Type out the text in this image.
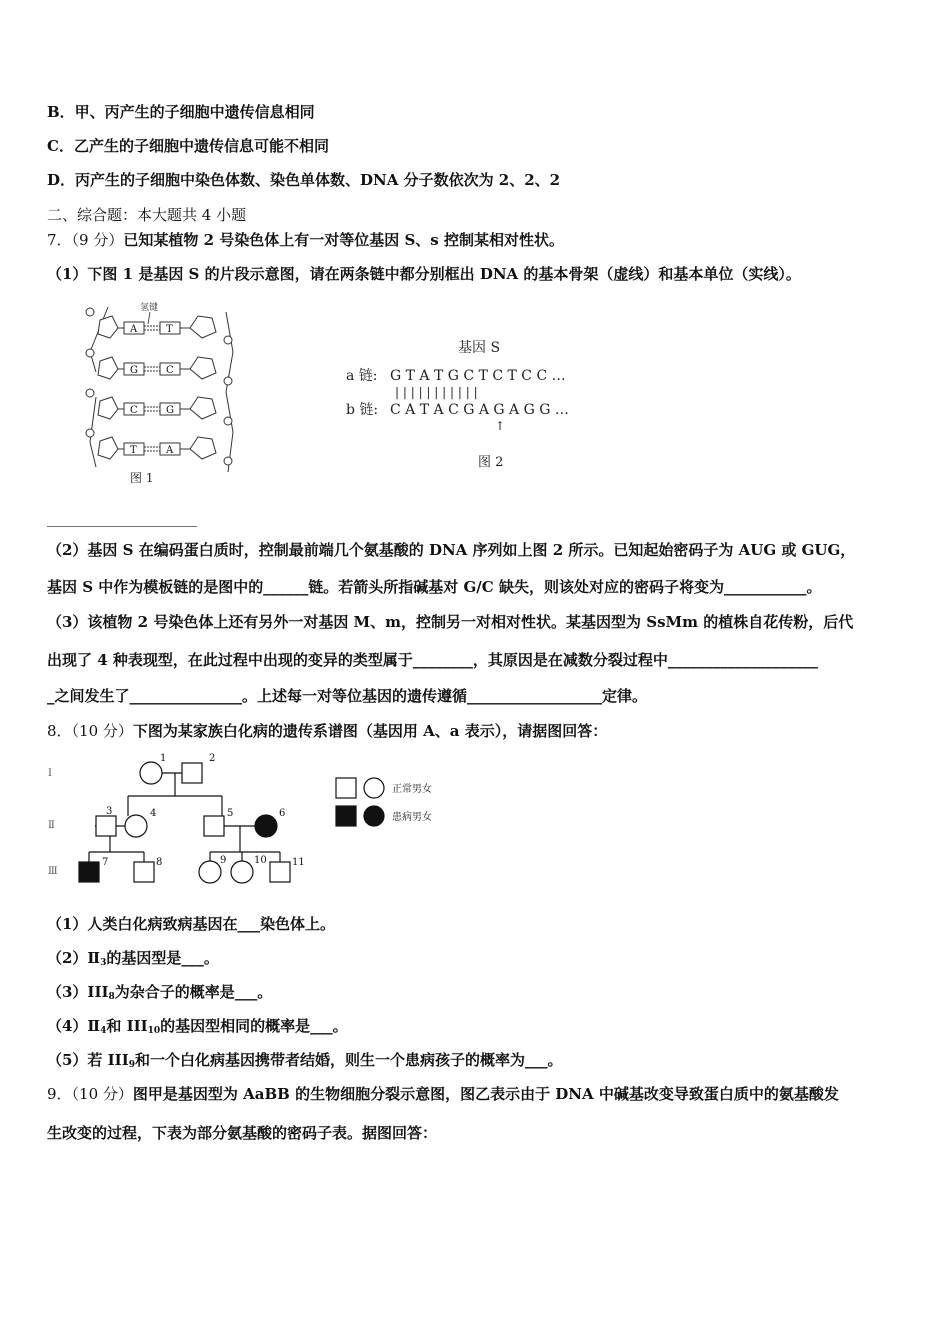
B．甲、丙产生的子细胞中遗传信息相同
C．乙产生的子细胞中遗传信息可能不相同
D．丙产生的子细胞中染色体数、染色单体数、DNA 分子数依次为 2、2、2
二、综合题：本大题共 4 小题
7．（9 分）已知某植物 2 号染色体上有一对等位基因 S、s 控制某相对性状。
（1）下图 1 是基因 S 的片段示意图，请在两条链中都分别框出 DNA 的基本骨架（虚线）和基本单位（实线）。
A	T
G	C
C	G
T	A
氢键
图 1
基因 S
a 链: G T A T G C T C T C C …
| | | | | | | | | | |
b 链: C A T A C G A G A G G …
↑
图 2
____________________
（2）基因 S 在编码蛋白质时，控制最前端几个氨基酸的 DNA 序列如上图 2 所示。已知起始密码子为 AUG 或 GUG，
基因 S 中作为模板链的是图中的______链。若箭头所指碱基对 G/C 缺失，则该处对应的密码子将变为___________。
（3）该植物 2 号染色体上还有另外一对基因 M、m，控制另一对相对性状。某基因型为 SsMm 的植株自花传粉，后代
出现了 4 种表现型，在此过程中出现的变异的类型属于________，其原因是在减数分裂过程中____________________
_之间发生了_______________。上述每一对等位基因的遗传遵循__________________定律。
8．（10 分）下图为某家族白化病的遗传系谱图（基因用 A、a 表示），请据图回答：
Ⅰ
Ⅱ
Ⅲ
1	2
3	4	5	6
7	8	9	10	11
正常男女
患病男女
（1）人类白化病致病基因在___染色体上。
$(2)Ⅱ_3$的基因型是___。
$(3)III_8$为杂合子的概率是___。
$(4)Ⅱ_4$和 $III_{10}$的基因型相同的概率是___。
（5）若 $III_9$和一个白化病基因携带者结婚，则生一个患病孩子的概率为___。
9．（10 分）图甲是基因型为 AaBB 的生物细胞分裂示意图，图乙表示由于 DNA 中碱基改变导致蛋白质中的氨基酸发
生改变的过程，下表为部分氨基酸的密码子表。据图回答：
